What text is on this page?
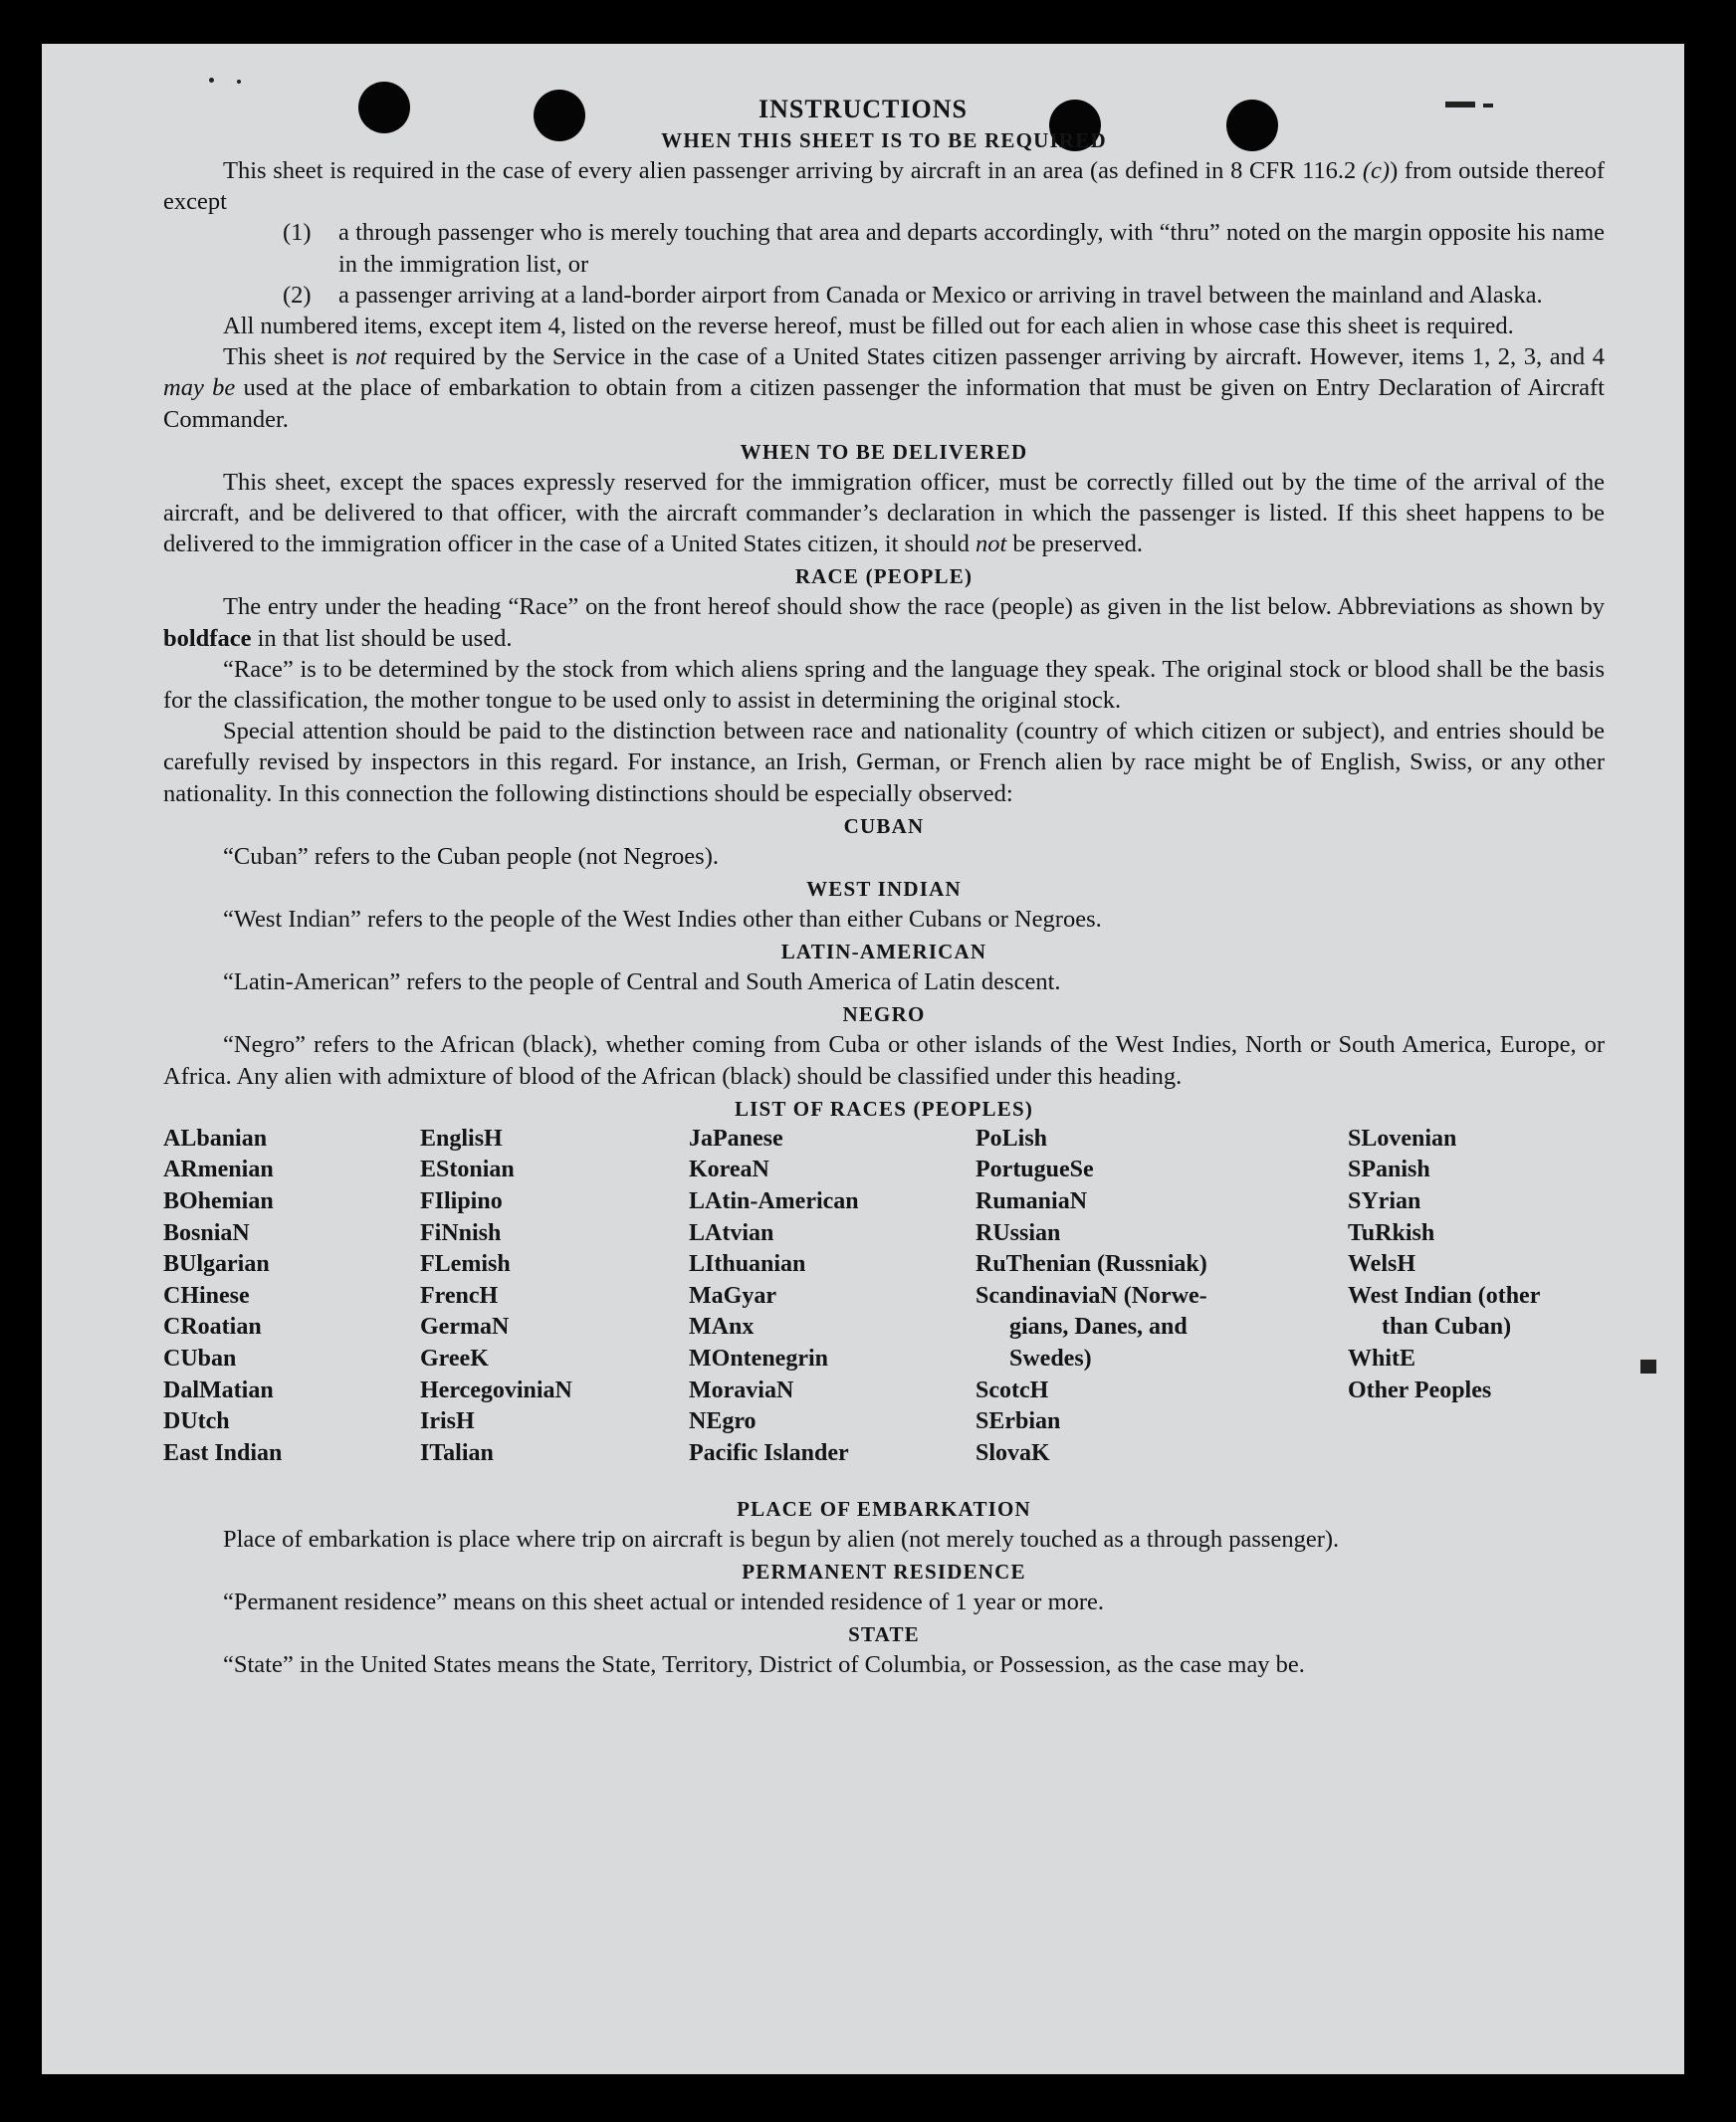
INSTRUCTIONS
WHEN THIS SHEET IS TO BE REQUIRED

This sheet is required in the case of every alien passenger arriving by aircraft in an area (as defined in 8 CFR 116.2 (c)) from outside thereof except

(1)	a through passenger who is merely touching that area and departs accordingly, with “thru” noted on the margin opposite his name in the immigration list, or
(2)	a passenger arriving at a land-border airport from Canada or Mexico or arriving in travel between the mainland and Alaska.

All numbered items, except item 4, listed on the reverse hereof, must be filled out for each alien in whose case this sheet is required.

This sheet is not required by the Service in the case of a United States citizen passenger arriving by aircraft. However, items 1, 2, 3, and 4 may be used at the place of embarkation to obtain from a citizen passenger the information that must be given on Entry Declaration of Aircraft Commander.

WHEN TO BE DELIVERED

This sheet, except the spaces expressly reserved for the immigration officer, must be correctly filled out by the time of the arrival of the aircraft, and be delivered to that officer, with the aircraft commander’s declaration in which the passenger is listed. If this sheet happens to be delivered to the immigration officer in the case of a United States citizen, it should not be preserved.

RACE (PEOPLE)

The entry under the heading “Race” on the front hereof should show the race (people) as given in the list below. Abbreviations as shown by boldface in that list should be used.

“Race” is to be determined by the stock from which aliens spring and the language they speak. The original stock or blood shall be the basis for the classification, the mother tongue to be used only to assist in determining the original stock.

Special attention should be paid to the distinction between race and nationality (country of which citizen or subject), and entries should be carefully revised by inspectors in this regard. For instance, an Irish, German, or French alien by race might be of English, Swiss, or any other nationality. In this connection the following distinctions should be especially observed:

CUBAN

“Cuban” refers to the Cuban people (not Negroes).

WEST INDIAN

“West Indian” refers to the people of the West Indies other than either Cubans or Negroes.

LATIN-AMERICAN

“Latin-American” refers to the people of Central and South America of Latin descent.

NEGRO

“Negro” refers to the African (black), whether coming from Cuba or other islands of the West Indies, North or South America, Europe, or Africa. Any alien with admixture of blood of the African (black) should be classified under this heading.

LIST OF RACES (PEOPLES)
ALbanian
ARmenian
BOhemian
BosniaN
BUlgarian
CHinese
CRoatian
CUban
DalMatian
DUtch
East Indian
EnglisH
EStonian
FIlipino
FiNnish
FLemish
FrencH
GermaN
GreeK
HercegoviniaN
IrisH
ITalian
JaPanese
KoreaN
LAtin-American
LAtvian
LIthuanian
MaGyar
MAnx
MOntenegrin
MoraviaN
NEgro
Pacific Islander
PoLish
PortugueSe
RumaniaN
RUssian
RuThenian (Russniak)
ScandinaviaN (Norwe-
gians, Danes, and
Swedes)
ScotcH
SErbian
SlovaK
SLovenian
SPanish
SYrian
TuRkish
WelsH
West Indian (other
than Cuban)
WhitE
Other Peoples
PLACE OF EMBARKATION

Place of embarkation is place where trip on aircraft is begun by alien (not merely touched as a through passenger).

PERMANENT RESIDENCE

“Permanent residence” means on this sheet actual or intended residence of 1 year or more.

STATE

“State” in the United States means the State, Territory, District of Columbia, or Possession, as the case may be.
